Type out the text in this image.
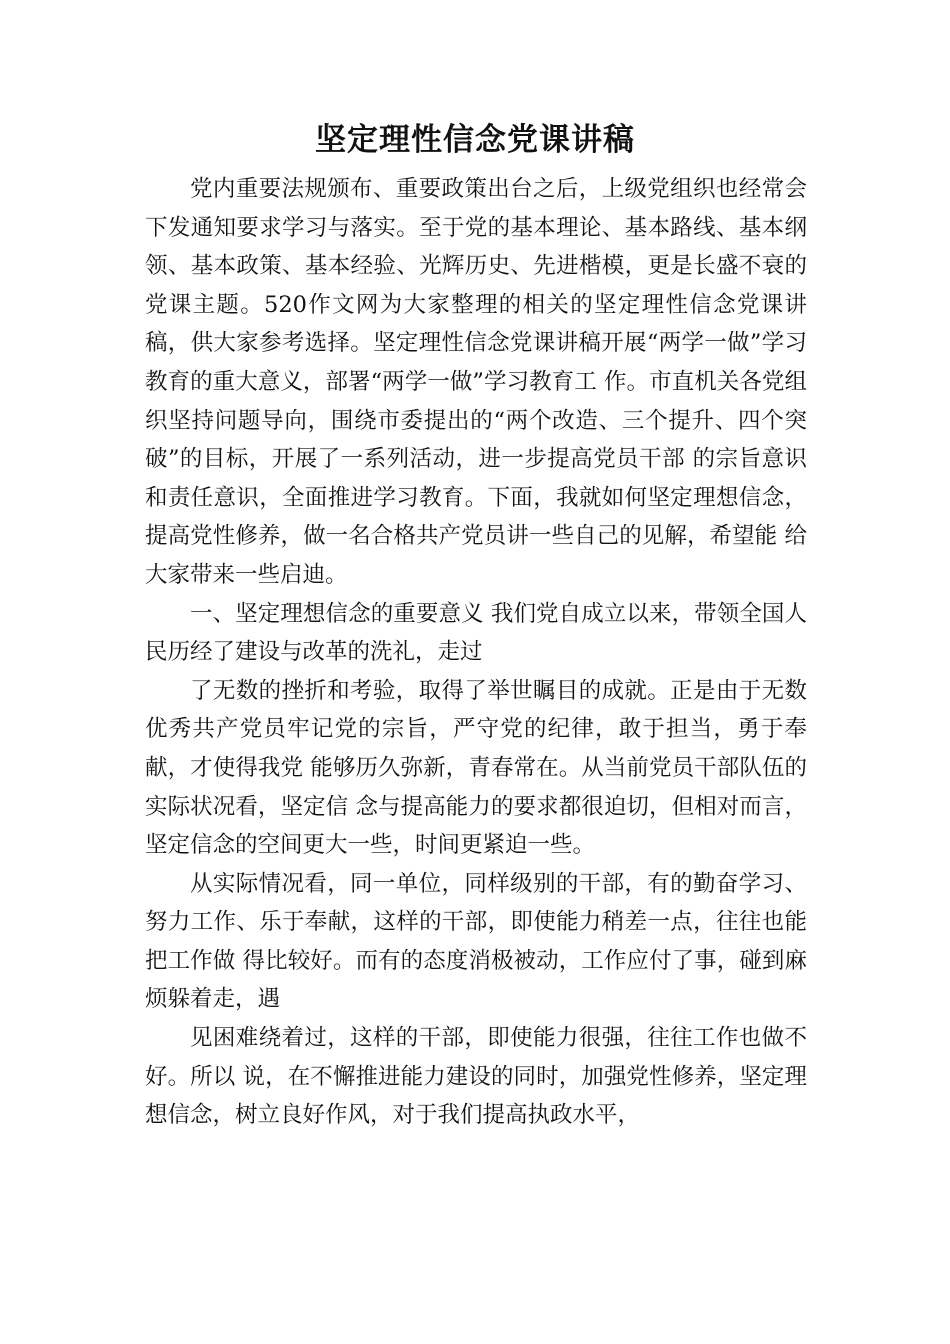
坚定理性信念党课讲稿

党内重要法规颁布、重要政策出台之后，上级党组织也经常会下发通知要求学习与落实。至于党的基本理论、基本路线、基本纲领、基本政策、基本经验、光辉历史、先进楷模，更是长盛不衰的党课主题。520作文网为大家整理的相关的坚定理性信念党课讲稿，供大家参考选择。坚定理性信念党课讲稿开展“两学一做”学习教育的重大意义，部署“两学一做”学习教育工 作。市直机关各党组织坚持问题导向，围绕市委提出的“两个改造、三个提升、四个突破”的目标，开展了一系列活动，进一步提高党员干部 的宗旨意识和责任意识，全面推进学习教育。下面，我就如何坚定理想信念，提高党性修养，做一名合格共产党员讲一些自己的见解，希望能 给大家带来一些启迪。

一、坚定理想信念的重要意义 我们党自成立以来，带领全国人民历经了建设与改革的洗礼，走过

了无数的挫折和考验，取得了举世瞩目的成就。正是由于无数优秀共产党员牢记党的宗旨，严守党的纪律，敢于担当，勇于奉献，才使得我党 能够历久弥新，青春常在。从当前党员干部队伍的实际状况看，坚定信 念与提高能力的要求都很迫切，但相对而言，坚定信念的空间更大一些，时间更紧迫一些。

从实际情况看，同一单位，同样级别的干部，有的勤奋学习、努力工作、乐于奉献，这样的干部，即使能力稍差一点，往往也能把工作做 得比较好。而有的态度消极被动，工作应付了事，碰到麻烦躲着走，遇

见困难绕着过，这样的干部，即使能力很强，往往工作也做不好。所以 说，在不懈推进能力建设的同时，加强党性修养，坚定理想信念，树立良好作风，对于我们提高执政水平，
